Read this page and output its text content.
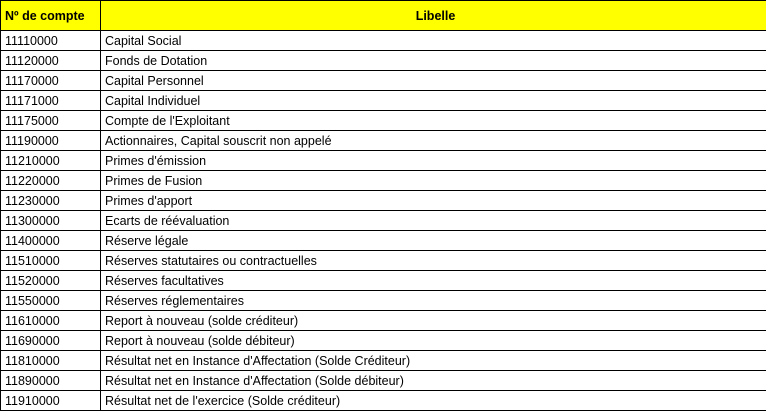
Nº de compte	Libelle
11110000	Capital Social
11120000	Fonds de Dotation
11170000	Capital Personnel
11171000	Capital Individuel
11175000	Compte de l'Exploitant
11190000	Actionnaires, Capital souscrit non appelé
11210000	Primes d'émission
11220000	Primes de Fusion
11230000	Primes d'apport
11300000	Ecarts de réévaluation
11400000	Réserve légale
11510000	Réserves statutaires ou contractuelles
11520000	Réserves facultatives
11550000	Réserves réglementaires
11610000	Report à nouveau (solde créditeur)
11690000	Report à nouveau (solde débiteur)
11810000	Résultat net en Instance d'Affectation (Solde Créditeur)
11890000	Résultat net en Instance d'Affectation (Solde débiteur)
11910000	Résultat net de l'exercice (Solde créditeur)
